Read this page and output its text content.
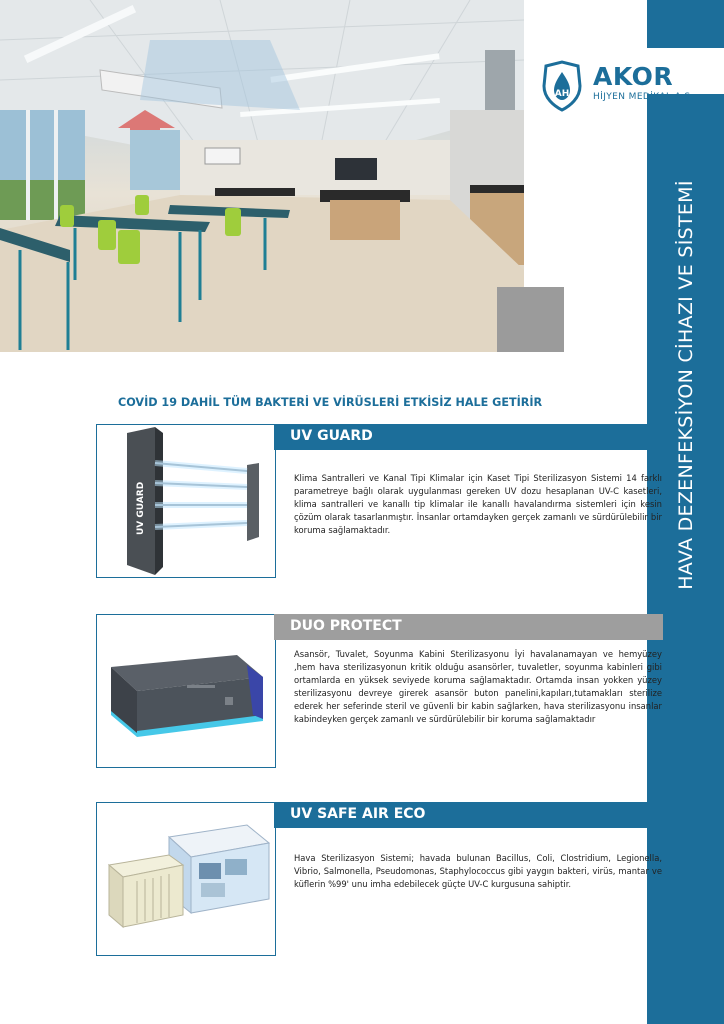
HAVA DEZENFEKSİYON CİHAZI VE SİSTEMİ
AH
AKOR
HİJYEN MEDİKAL A.Ş.
COVİD 19 DAHİL TÜM BAKTERİ VE VİRÜSLERİ ETKİSİZ HALE GETİRİR
UV GUARD
UV GUARD
Klima Santralleri ve Kanal Tipi Klimalar için Kaset Tipi Sterilizasyon Sistemi 14 farklı parametreye bağlı olarak uygulanması gereken UV dozu hesaplanan UV-C kasetleri, klima santralleri ve kanallı tip klimalar ile kanallı havalandırma sistemleri için kesin çözüm olarak tasarlanmıştır. İnsanlar ortamdayken gerçek zamanlı ve sürdürülebilir bir koruma sağlamaktadır.
DUO PROTECT
Asansör, Tuvalet, Soyunma Kabini Sterilizasyonu İyi havalanamayan ve hemyüzey ,hem hava sterilizasyonun kritik olduğu asansörler, tuvaletler, soyunma kabinleri gibi ortamlarda en yüksek seviyede koruma sağlamaktadır. Ortamda insan yokken yüzey sterilizasyonu devreye girerek asansör buton panelini,kapıları,tutamakları sterilize ederek her seferinde steril ve güvenli bir kabin sağlarken, hava sterilizasyonu insanlar kabindeyken gerçek zamanlı ve sürdürülebilir bir koruma sağlamaktadır
UV SAFE AIR ECO
Hava Sterilizasyon Sistemi; havada bulunan Bacillus, Coli, Clostridium, Legionella, Vibrio, Salmonella, Pseudomonas, Staphylococcus gibi yaygın bakteri, virüs, mantar ve küflerin %99' unu imha edebilecek güçte UV-C kurgusuna sahiptir.
